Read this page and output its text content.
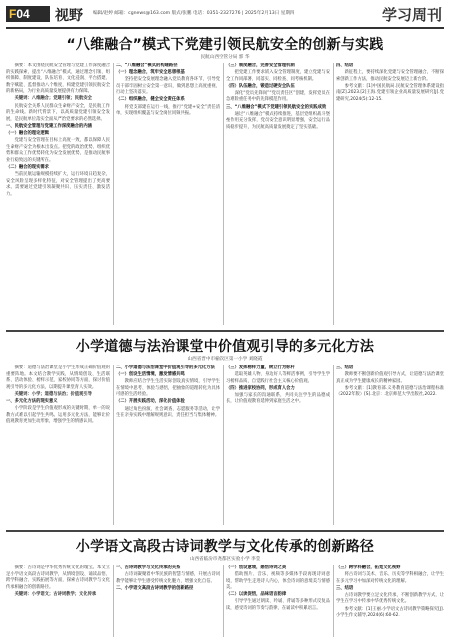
F04	视野 编辑/赵婷 邮箱：cgnews@163.com 版式/张鹏 电话：0351-2327276 | 2025年2月13日 星期四	学习周刊
“八维融合”模式下党建引领民航安全的创新与实践
民航山西空管分局 郭 华

摘要：本文围绕民航安全管理与党建工作深度融合的实践探索，提出“八维融合”模式，通过理念引领、组织保障、制度建设、队伍培育、文化浸润、平台搭建、数字赋能、监督推动八个维度，构建党建引领民航安全的新格局，为行业高质量发展提供有力保障。

关键词：八维融合；党建引领；民航安全

民航安全关系人民群众生命财产安全，是民航工作的生命线。新时代背景下，以高质量党建引领安全发展，是民航单位落实全面从严治党要求的必然选择。

一、民航安全管理与党建工作深度融合的内涵

（一）融合的理论逻辑

党建与安全管理在目标上高度一致，都以保障人民生命财产安全为根本出发点。把党的政治优势、组织优势和群众工作优势转化为安全发展优势，是推动民航事业行稳致远的关键所在。

（二）融合的现实需求

当前民航运输规模持续扩大，运行环境日趋复杂，安全风险呈现多样化特征，对安全管理提出了更高要求。需要通过党建引领凝聚共识、压实责任、激发活力。

二、“八维融合”模式的构建路径

（一）理念融合，筑牢安全思想根基

坚持把安全发展理念融入党员教育各环节，引导党员干部牢固树立安全第一意识，做到思想上高度重视、行动上坚决落实。

（二）组织融合，健全安全责任体系

将党支部建在运行一线，推行“党建+安全”责任清单，实现组织覆盖与安全岗位同频共振。

（三）制度融合，完善安全管理机制

把党建工作要求嵌入安全管理制度，建立党建与安全工作同部署、同落实、同检查、同考核机制。

（四）队伍融合，锻造过硬安全队伍

深化“党员先锋岗”“党员责任区”创建，发挥党员在急难险重任务中的先锋模范作用。

三、“八维融合”模式下党建引领民航安全的实践成效

通过“八维融合”模式持续推进，基层党组织战斗堡垒作用充分发挥，党员安全意识明显增强，安全运行品质稳步提升，为民航高质量发展奠定了坚实基础。

四、结语

新征程上，要持续深化党建与安全管理融合，不断探索创新工作方法，推动民航安全发展迈上新台阶。

参考文献：[1]中国民航局.民航安全管理体系建设指南[Z].2023.[2]王海.党建引领企业高质量发展研究[J].党建研究,2024(5):12-15.

小学道德与法治课堂中价值观引导的多元化方法
山西省晋中市榆次区第一小学 刘晓霞

摘要：道德与法治课堂是小学生形成正确价值观的重要阵地。本文结合教学实践，从情境创设、生活联系、活动体验、榜样示范、家校协同等方面，探讨价值观引导的多元化方法，以期提升课堂育人实效。

关键词：小学；道德与法治；价值观引导

一、多元化方法的现实意义

小学阶段是学生价值观形成的关键时期，单一的说教方式难以引起学生共鸣。运用多元化方法，能够让价值观教育更加生动形象，增强学生的情感认同。

二、小学道德与法治课堂中价值观引导的多元化方法

（一）创设生活情境，激发情感共鸣

教师应结合学生生活实际创设真实情境，引导学生在情境中思考、体验与感悟，把抽象的道理转化为具体可感的生活经验。

（二）开展实践活动，深化价值体验

通过角色扮演、社会调查、志愿服务等活动，让学生在亲身实践中理解规则意识、责任担当与集体精神。

（三）发挥榜样力量，树立行为标杆

选取英雄人物、身边好人等鲜活事例，引导学生学习榜样品质，自觉践行社会主义核心价值观。

（四）推进家校协同，形成育人合力

加强与家长的沟通联系，共同关注学生的品德成长，让价值观教育延伸到家庭生活之中。

三、结语

教师要不断创新价值观引导方式，让道德与法治课堂真正成为学生健康成长的精神家园。

参考文献：[1]教育部.义务教育道德与法治课程标准（2022年版）[S].北京：北京师范大学出版社,2022.

小学语文高段古诗词教学与文化传承的创新路径
山西省临汾市尧都区实验小学 李莹

摘要：古诗词是中华优秀传统文化的瑰宝。本文立足小学语文高段古诗词教学，从情境创设、诵读品悟、跨学科融合、实践拓展等方面，探索古诗词教学与文化传承相融合的创新路径。

关键词：小学语文；古诗词教学；文化传承

一、古诗词教学与文化传承的关系

古诗词凝聚着中华民族的智慧与情感，开展古诗词教学能够让学生感受传统文化魅力，增强文化自信。

二、小学语文高段古诗词教学的创新路径

（一）创设意境，感悟诗词之美

借助图片、音乐、视频等多媒体手段再现诗词意境，帮助学生走进诗人内心，体会诗词的意境美与情感美。

（二）以读促悟，品味语言韵律

引导学生通过朗读、吟诵、背诵等多种形式反复品读，感受诗词的节奏与韵律，在诵读中积累语言。

（三）跨学科融合，拓宽文化视野

将古诗词与美术、音乐、历史等学科相融合，让学生在多元学习中加深对传统文化的理解。

三、结语

古诗词教学要立足文化传承，不断创新教学方式，让学生在学习中传承中华优秀传统文化。

参考文献：[1]王丽.小学语文古诗词教学策略探究[J].小学生作文辅导,2024(6):60-62.
